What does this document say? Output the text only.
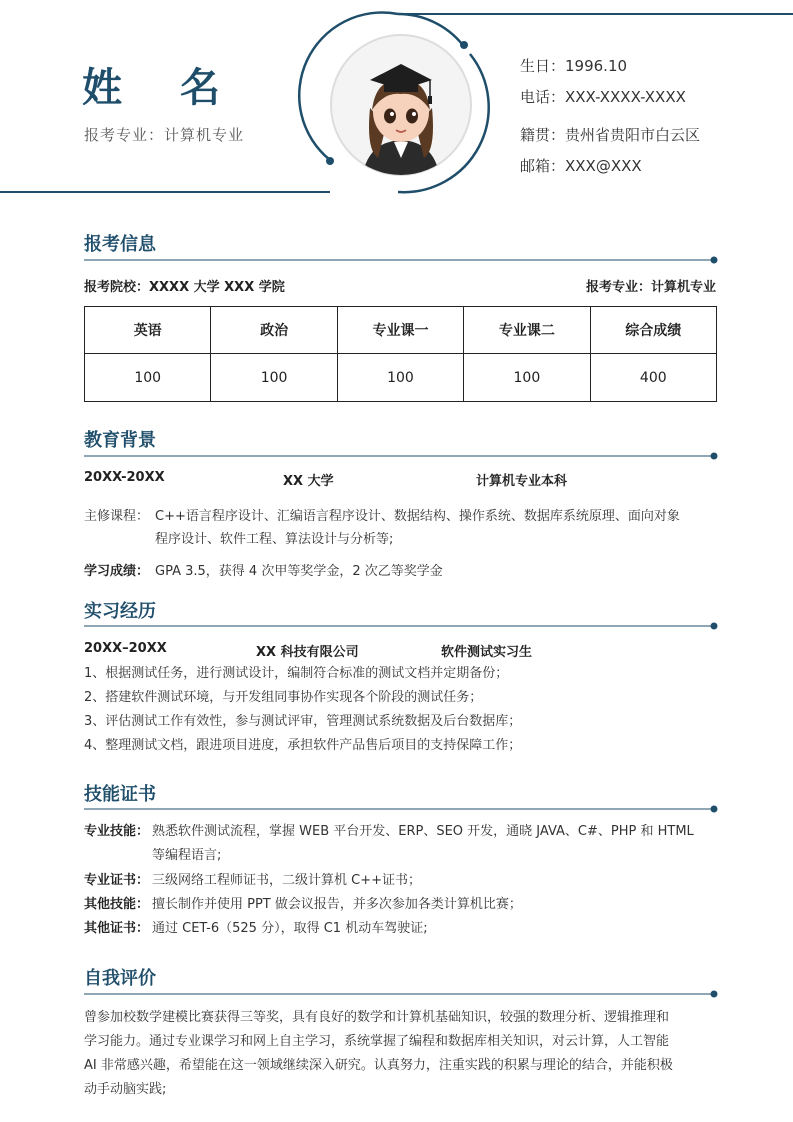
姓名
报考专业：计算机专业
生日：1996.10
电话：XXX-XXXX-XXXX
籍贯：贵州省贵阳市白云区
邮箱：XXX@XXX
报考信息
报考院校：XXXX 大学 XXX 学院	报考专业：计算机专业
英语	政治	专业课一	专业课二	综合成绩
100	100	100	100	400
教育背景
20XX-20XX	XX 大学	计算机专业本科
主修课程： C++语言程序设计、汇编语言程序设计、数据结构、操作系统、数据库系统原理、面向对象
程序设计、软件工程、算法设计与分析等;
学习成绩： GPA 3.5，获得 4 次甲等奖学金，2 次乙等奖学金
实习经历
20XX–20XX	XX 科技有限公司	软件测试实习生
1、根据测试任务，进行测试设计，编制符合标准的测试文档并定期备份；
2、搭建软件测试环境，与开发组同事协作实现各个阶段的测试任务；
3、评估测试工作有效性，参与测试评审，管理测试系统数据及后台数据库；
4、整理测试文档，跟进项目进度，承担软件产品售后项目的支持保障工作；
技能证书
专业技能： 熟悉软件测试流程，掌握 WEB 平台开发、ERP、SEO 开发，通晓 JAVA、C#、PHP 和 HTML
等编程语言;
专业证书： 三级网络工程师证书，二级计算机 C++证书；
其他技能： 擅长制作并使用 PPT 做会议报告，并多次参加各类计算机比赛；
其他证书： 通过 CET-6（525 分），取得 C1 机动车驾驶证;
自我评价
曾参加校数学建模比赛获得三等奖，具有良好的数学和计算机基础知识，较强的数理分析、逻辑推理和
学习能力。通过专业课学习和网上自主学习，系统掌握了编程和数据库相关知识，对云计算，人工智能
AI 非常感兴趣，希望能在这一领域继续深入研究。认真努力，注重实践的积累与理论的结合，并能积极
动手动脑实践;
